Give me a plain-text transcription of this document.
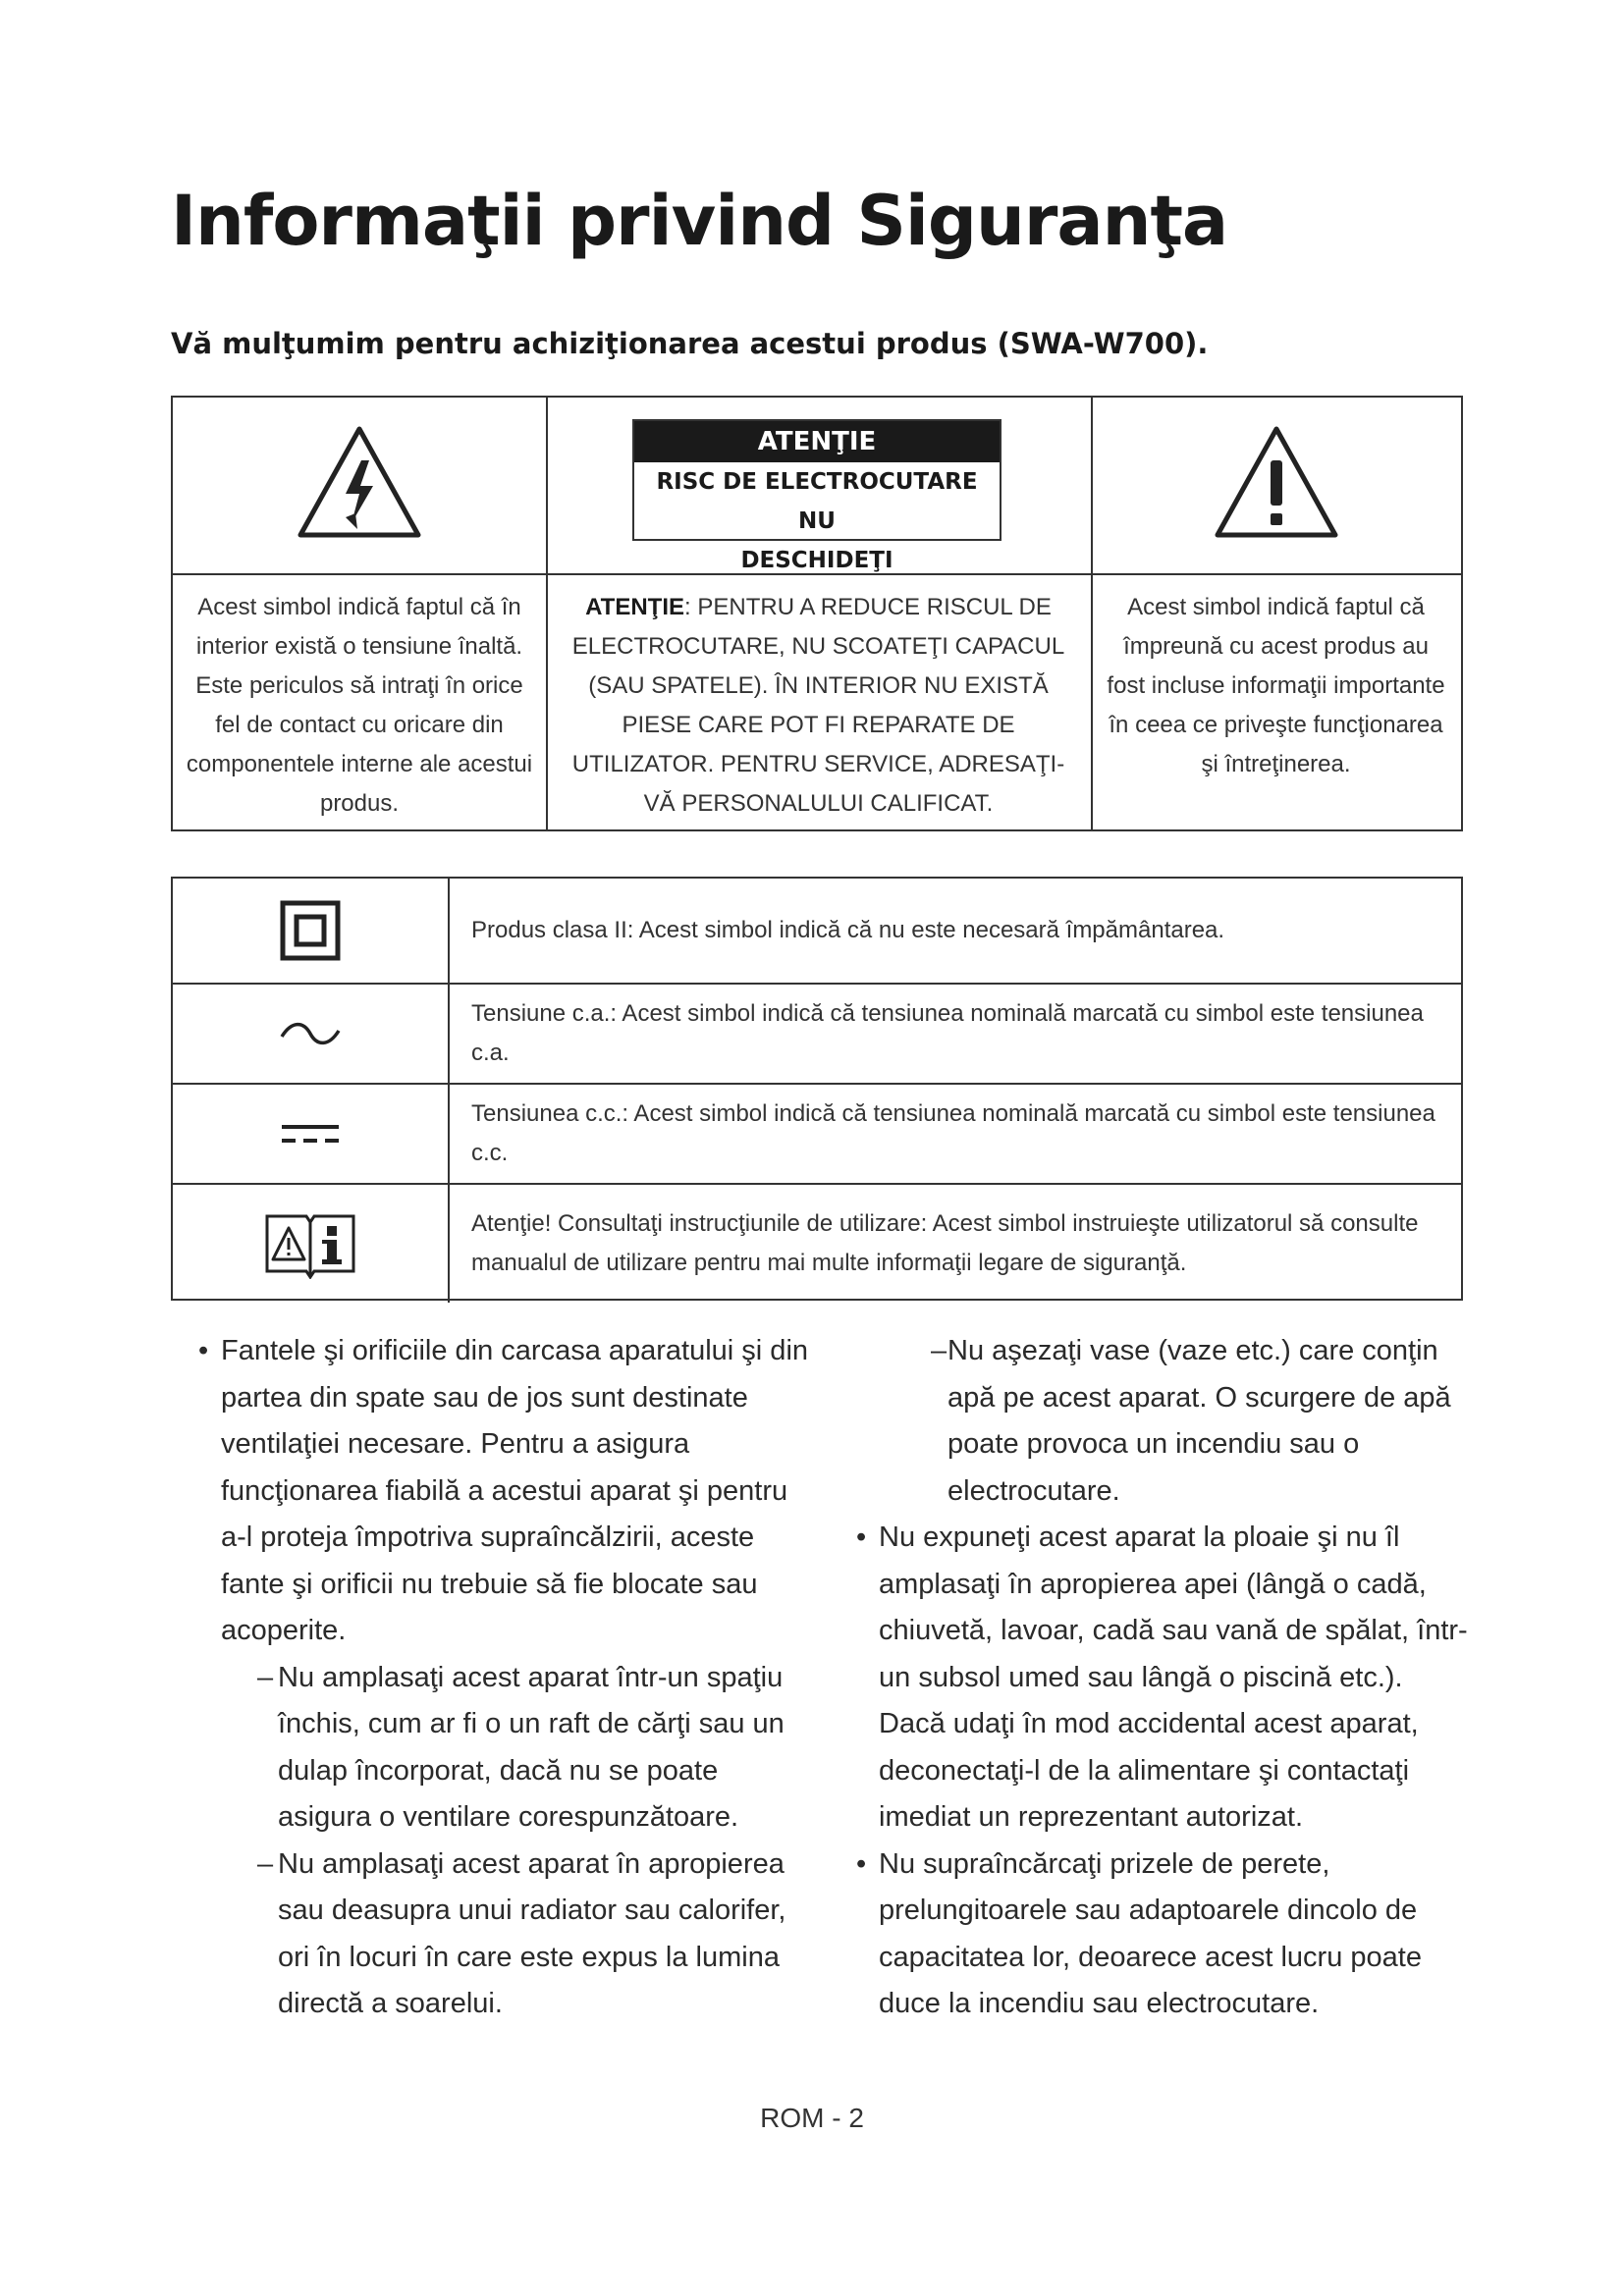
Informaţii privind Siguranţa

Vă mulţumim pentru achiziţionarea acestui produs (SWA-W700).

Acest simbol indică faptul că în interior există o tensiune înaltă. Este periculos să intraţi în orice fel de contact cu oricare din componentele interne ale acestui produs.
ATENŢIE
RISC DE ELECTROCUTARE NU
DESCHIDEŢI
ATENŢIE: PENTRU A REDUCE RISCUL DE ELECTROCUTARE, NU SCOATEŢI CAPACUL (SAU SPATELE). ÎN INTERIOR NU EXISTĂ PIESE CARE POT FI REPARATE DE UTILIZATOR. PENTRU SERVICE, ADRESAŢI-VĂ PERSONALULUI CALIFICAT.
Acest simbol indică faptul că împreună cu acest produs au fost incluse informaţii importante în ceea ce priveşte funcţionarea şi întreţinerea.
Produs clasa II: Acest simbol indică că nu este necesară împământarea.
Tensiune c.a.: Acest simbol indică că tensiunea nominală marcată cu simbol este tensiunea c.a.
Tensiunea c.c.: Acest simbol indică că tensiunea nominală marcată cu simbol este tensiunea c.c.
Atenţie! Consultaţi instrucţiunile de utilizare: Acest simbol instruieşte utilizatorul să consulte manualul de utilizare pentru mai multe informaţii legare de siguranţă.
• Fantele şi orificiile din carcasa aparatului şi din partea din spate sau de jos sunt destinate ventilaţiei necesare. Pentru a asigura funcţionarea fiabilă a acestui aparat şi pentru a-l proteja împotriva supraîncălzirii, aceste fante şi orificii nu trebuie să fie blocate sau acoperite.
– Nu amplasaţi acest aparat într-un spaţiu închis, cum ar fi o un raft de cărţi sau un dulap încorporat, dacă nu se poate asigura o ventilare corespunzătoare.
– Nu amplasaţi acest aparat în apropierea sau deasupra unui radiator sau calorifer, ori în locuri în care este expus la lumina directă a soarelui.
– Nu aşezaţi vase (vaze etc.) care conţin apă pe acest aparat. O scurgere de apă poate provoca un incendiu sau o electrocutare.
• Nu expuneţi acest aparat la ploaie şi nu îl amplasaţi în apropierea apei (lângă o cadă, chiuvetă, lavoar, cadă sau vană de spălat, într-un subsol umed sau lângă o piscină etc.). Dacă udaţi în mod accidental acest aparat, deconectaţi-l de la alimentare şi contactaţi imediat un reprezentant autorizat.
• Nu supraîncărcaţi prizele de perete, prelungitoarele sau adaptoarele dincolo de capacitatea lor, deoarece acest lucru poate duce la incendiu sau electrocutare.
ROM - 2
